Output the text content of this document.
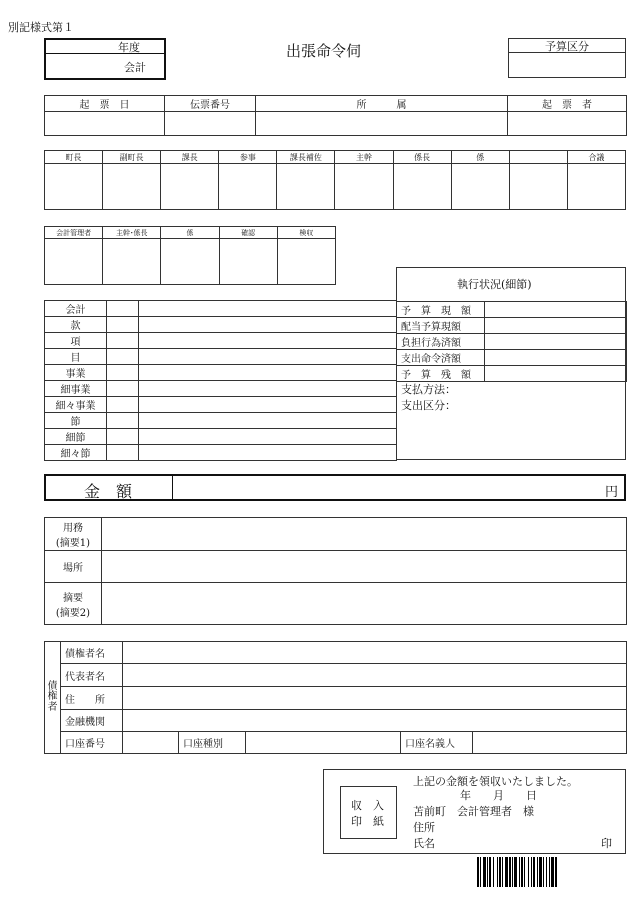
別記様式第１
年度
会計
出張命令伺	予算区分
起　票　日	伝票番号	所　　　属	起　票　者

町長	副町長	課長	参事	課長補佐	主幹	係長	係		合議

会計管理者	主幹･係長	係	確認	検収

会計		
款		
項		
目		
事業		
細事業		
細々事業		
節		
細節		
細々節		
執行状況(細節)
予　算　現　額	
配当予算現額	
負担行為済額	
支出命令済額	
予　算　残　額	
支払方法：
支出区分：
金　額	円
用務
(摘要1)	

場所	

摘要
(摘要2)	

債
権
者	債権者名					
	代表者名					
	住　　所					
	金融機関					
	口座番号		口座種別		口座名義人	
収　入
印　紙
上記の金額を領収いたしました。
年　　月　　日
苫前町　会計管理者　様
住所
氏名	印
